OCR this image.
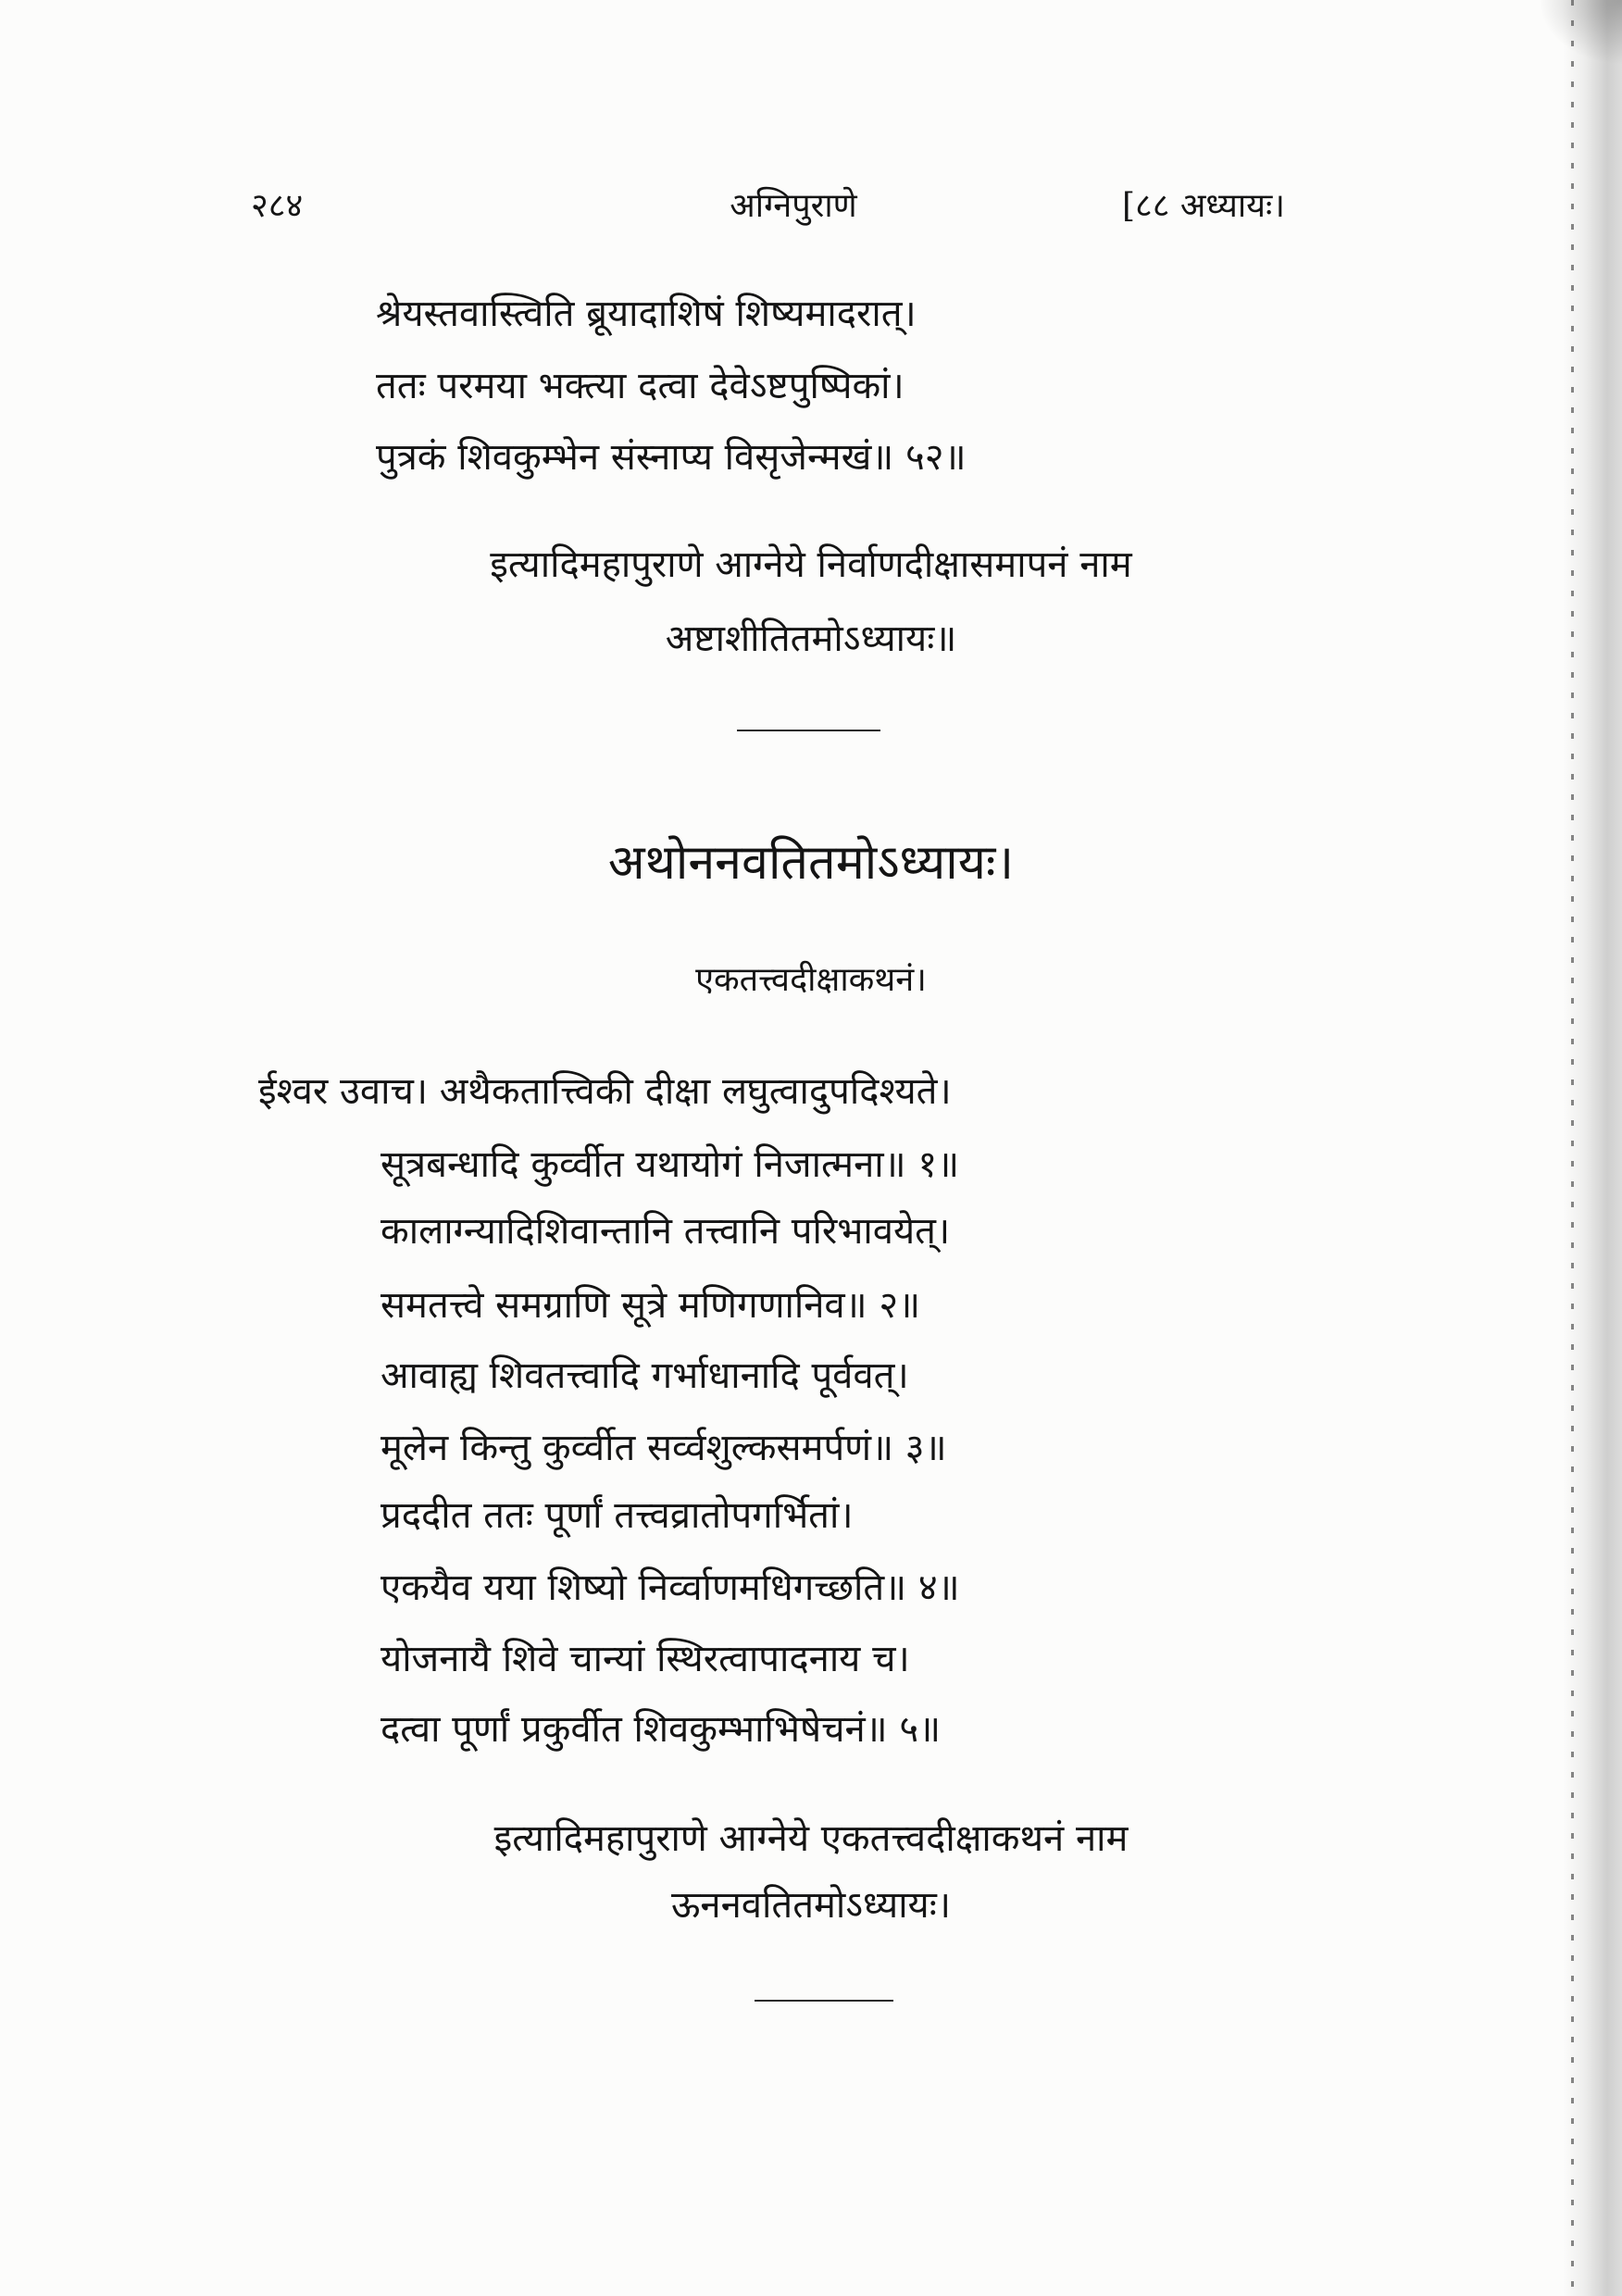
२८४	अग्निपुराणे	[८८ अध्यायः।
श्रेयस्तवास्त्विति ब्रूयादाशिषं शिष्यमादरात्।
ततः परमया भक्त्या दत्वा देवेऽष्टपुष्पिकां।
पुत्रकं शिवकुम्भेन संस्नाप्य विसृजेन्मखं॥ ५२॥
इत्यादिमहापुराणे आग्नेये निर्वाणदीक्षासमापनं नाम
अष्टाशीतितमोऽध्यायः॥
अथोननवतितमोऽध्यायः।
एकतत्त्वदीक्षाकथनं।
ईश्वर उवाच। अथैकतात्त्विकी दीक्षा लघुत्वादुपदिश्यते।
सूत्रबन्धादि कुर्व्वीत यथायोगं निजात्मना॥ १॥
कालाग्न्यादिशिवान्तानि तत्त्वानि परिभावयेत्।
समतत्त्वे समग्राणि सूत्रे मणिगणानिव॥ २॥
आवाह्य शिवतत्त्वादि गर्भाधानादि पूर्ववत्।
मूलेन किन्तु कुर्व्वीत सर्व्वशुल्कसमर्पणं॥ ३॥
प्रददीत ततः पूर्णां तत्त्वव्रातोपगर्भितां।
एकयैव यया शिष्यो निर्व्वाणमधिगच्छति॥ ४॥
योजनायै शिवे चान्यां स्थिरत्वापादनाय च।
दत्वा पूर्णां प्रकुर्वीत शिवकुम्भाभिषेचनं॥ ५॥
इत्यादिमहापुराणे आग्नेये एकतत्त्वदीक्षाकथनं नाम
ऊननवतितमोऽध्यायः।
